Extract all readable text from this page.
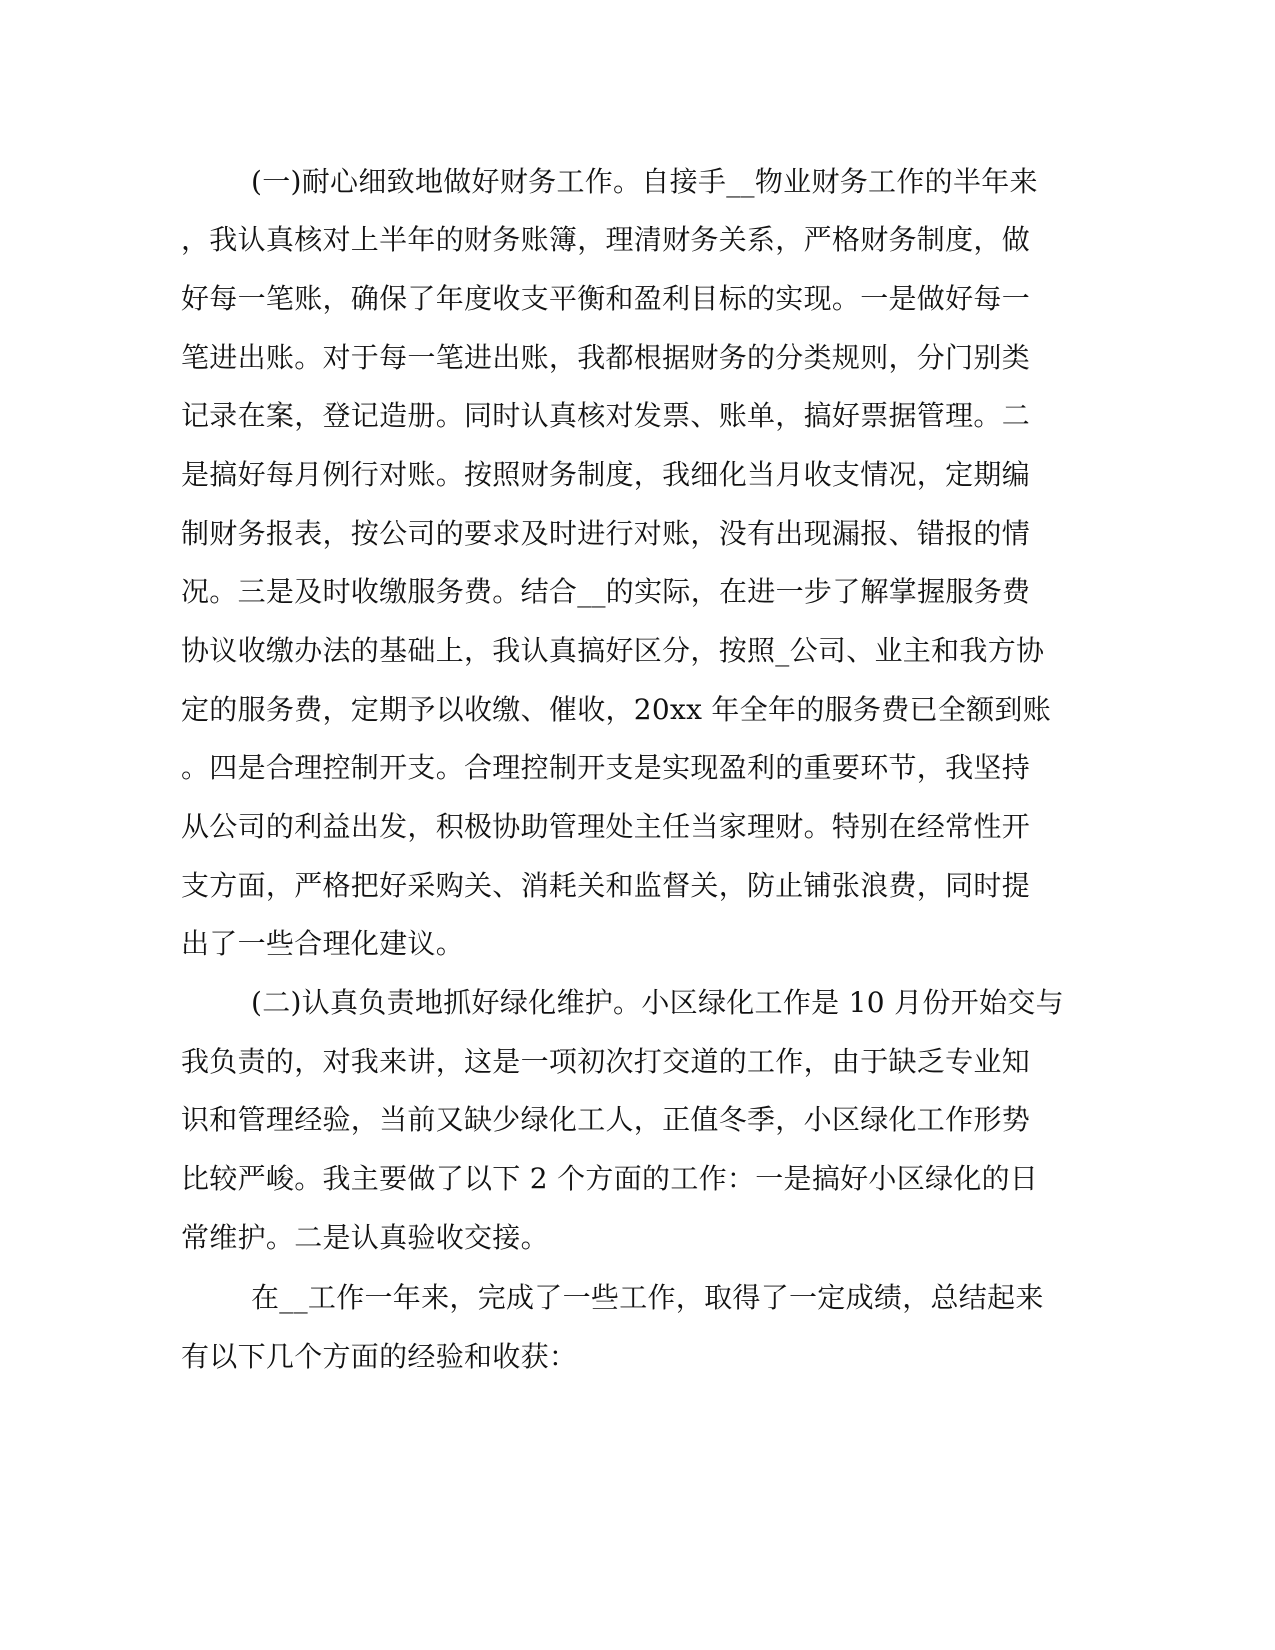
(一)耐心细致地做好财务工作。自接手__物业财务工作的半年来

，我认真核对上半年的财务账簿，理清财务关系，严格财务制度，做

好每一笔账，确保了年度收支平衡和盈利目标的实现。一是做好每一

笔进出账。对于每一笔进出账，我都根据财务的分类规则，分门别类

记录在案，登记造册。同时认真核对发票、账单，搞好票据管理。二

是搞好每月例行对账。按照财务制度，我细化当月收支情况，定期编

制财务报表，按公司的要求及时进行对账，没有出现漏报、错报的情

况。三是及时收缴服务费。结合__的实际，在进一步了解掌握服务费

协议收缴办法的基础上，我认真搞好区分，按照_公司、业主和我方协

定的服务费，定期予以收缴、催收，20xx 年全年的服务费已全额到账

。四是合理控制开支。合理控制开支是实现盈利的重要环节，我坚持

从公司的利益出发，积极协助管理处主任当家理财。特别在经常性开

支方面，严格把好采购关、消耗关和监督关，防止铺张浪费，同时提

出了一些合理化建议。

(二)认真负责地抓好绿化维护。小区绿化工作是 10 月份开始交与

我负责的，对我来讲，这是一项初次打交道的工作，由于缺乏专业知

识和管理经验，当前又缺少绿化工人，正值冬季，小区绿化工作形势

比较严峻。我主要做了以下 2 个方面的工作：一是搞好小区绿化的日

常维护。二是认真验收交接。

在__工作一年来，完成了一些工作，取得了一定成绩，总结起来

有以下几个方面的经验和收获：
